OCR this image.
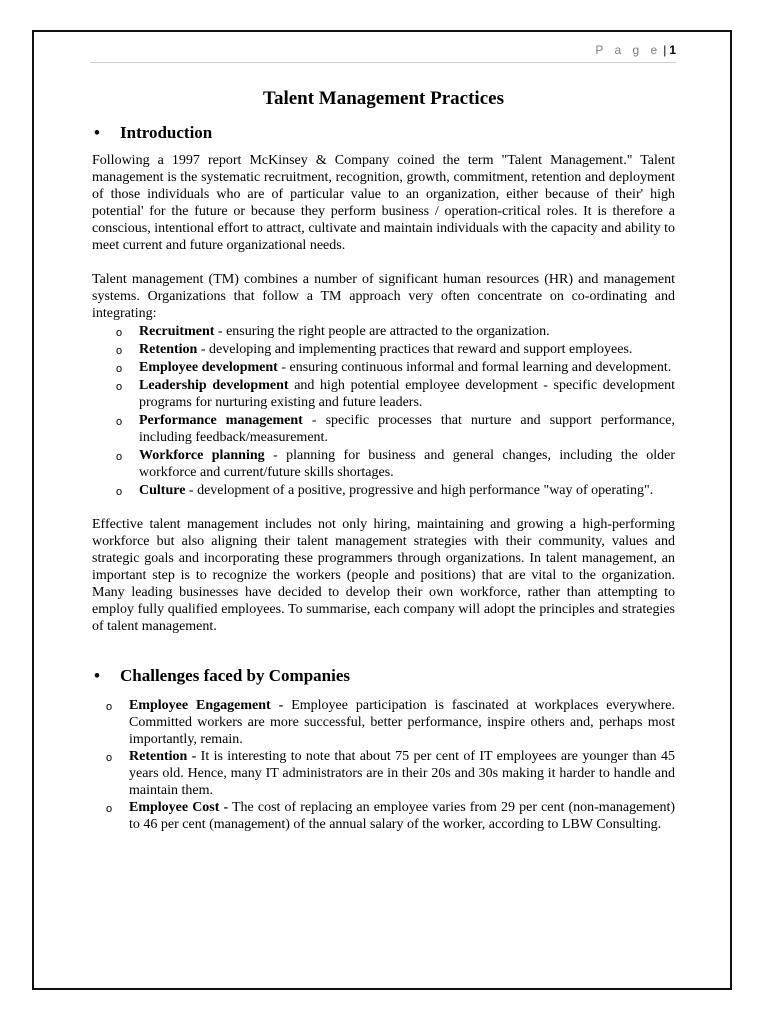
P a g e | 1
Talent Management Practices
• Introduction

Following a 1997 report McKinsey & Company coined the term "Talent Management." Talent management is the systematic recruitment, recognition, growth, commitment, retention and deployment of those individuals who are of particular value to an organization, either because of their' high potential' for the future or because they perform business / operation-critical roles. It is therefore a conscious, intentional effort to attract, cultivate and maintain individuals with the capacity and ability to meet current and future organizational needs.

Talent management (TM) combines a number of significant human resources (HR) and management systems. Organizations that follow a TM approach very often concentrate on co-ordinating and integrating:

o Recruitment - ensuring the right people are attracted to the organization.
o Retention - developing and implementing practices that reward and support employees.
o Employee development - ensuring continuous informal and formal learning and development.
o Leadership development and high potential employee development - specific development programs for nurturing existing and future leaders.
o Performance management - specific processes that nurture and support performance, including feedback/measurement.
o Workforce planning - planning for business and general changes, including the older workforce and current/future skills shortages.
o Culture - development of a positive, progressive and high performance "way of operating".

Effective talent management includes not only hiring, maintaining and growing a high-performing workforce but also aligning their talent management strategies with their community, values and strategic goals and incorporating these programmers through organizations. In talent management, an important step is to recognize the workers (people and positions) that are vital to the organization. Many leading businesses have decided to develop their own workforce, rather than attempting to employ fully qualified employees. To summarise, each company will adopt the principles and strategies of talent management.

• Challenges faced by Companies
o Employee Engagement - Employee participation is fascinated at workplaces everywhere. Committed workers are more successful, better performance, inspire others and, perhaps most importantly, remain.
o Retention - It is interesting to note that about 75 per cent of IT employees are younger than 45 years old. Hence, many IT administrators are in their 20s and 30s making it harder to handle and maintain them.
o Employee Cost - The cost of replacing an employee varies from 29 per cent (non-management) to 46 per cent (management) of the annual salary of the worker, according to LBW Consulting.
